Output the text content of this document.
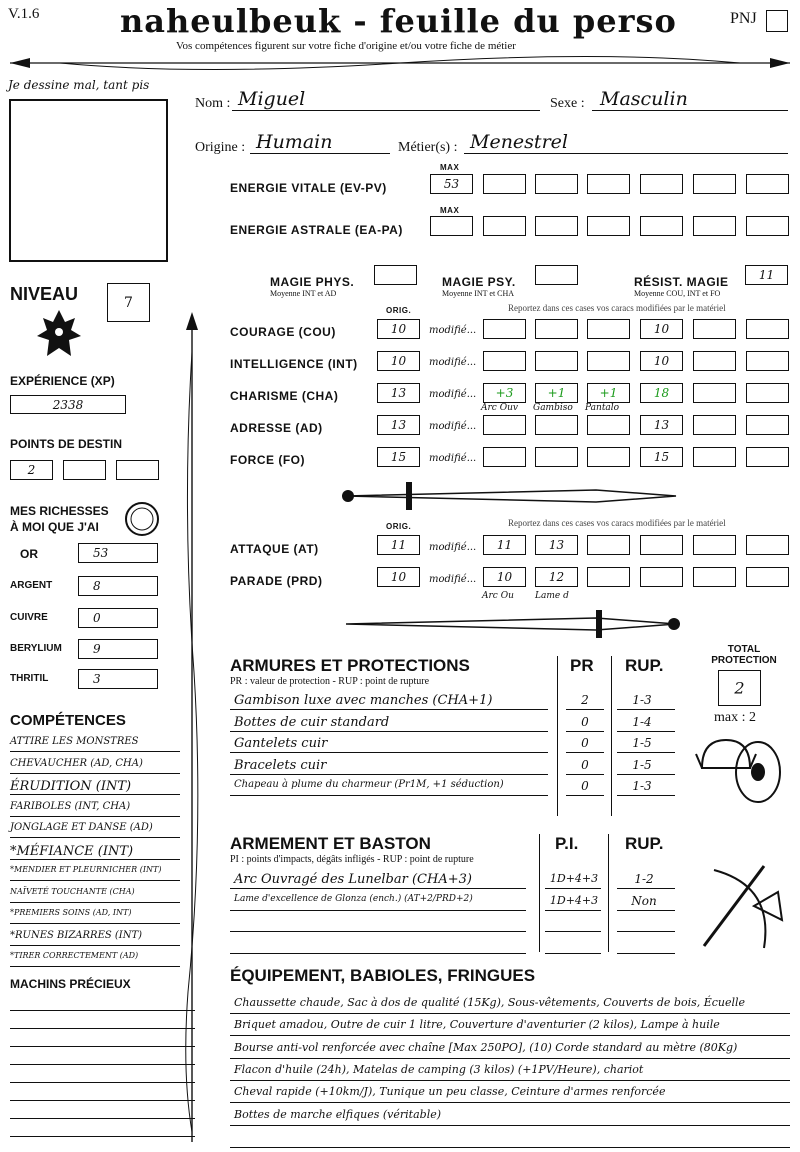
V.1.6	naheulbeuk - feuille du perso
Vos compétences figurent sur votre fiche d'origine et/ou votre fiche de métier
PNJ
Je dessine mal, tant pis
Nom : Miguel	Sexe : Masculin
Origine : Humain	Métier(s) : Menestrel
MAX
ENERGIE VITALE (EV-PV)	53
MAX
ENERGIE ASTRALE (EA-PA)
MAGIE PHYS.
Moyenne INT et AD
MAGIE PSY.
Moyenne INT et CHA
RÉSIST. MAGIE
Moyenne COU, INT et FO
11
NIVEAU	7
EXPÉRIENCE (XP)
2338
POINTS DE DESTIN
2
MES RICHESSES
À MOI QUE J'AI
OR	53
ARGENT	8
CUIVRE	0
BERYLIUM	9
THRITIL	3
COMPÉTENCES
ATTIRE LES MONSTRES
CHEVAUCHER (AD, CHA)
ÉRUDITION (INT)
FARIBOLES (INT, CHA)
JONGLAGE ET DANSE (AD)
*MÉFIANCE (INT)
*MENDIER ET PLEURNICHER (INT)
NAÏVETÉ TOUCHANTE (CHA)
*PREMIERS SOINS (AD, INT)
*RUNES BIZARRES (INT)
*TIRER CORRECTEMENT (AD)
MACHINS PRÉCIEUX
ORIG.	Reportez dans ces cases vos caracs modifiées par le matériel
COURAGE (COU)	10	modifié...	10
INTELLIGENCE (INT)	10	modifié...	10
CHARISME (CHA)	13	modifié...	+3	+1	+1	18
Arc Ouv Gambiso Pantalo
ADRESSE (AD)	13	modifié...	13
FORCE (FO)	15	modifié...	15
ORIG.	Reportez dans ces cases vos caracs modifiées par le matériel
ATTAQUE (AT)	11	modifié...	11	13
PARADE (PRD)	10	modifié...	10	12
Arc Ou Lame d
ARMURES ET PROTECTIONS
PR : valeur de protection - RUP : point de rupture
PR RUP.
Gambison luxe avec manches (CHA+1)	2	1-3
Bottes de cuir standard	0	1-4
Gantelets cuir	0	1-5
Bracelets cuir	0	1-5
Chapeau à plume du charmeur (Pr1M, +1 séduction)	0	1-3
TOTAL PROTECTION
2
max : 2
ARMEMENT ET BASTON
PI : points d'impacts, dégâts infligés - RUP : point de rupture
P.I.	RUP.
Arc Ouvragé des Lunelbar (CHA+3)	1D+4+3	1-2
Lame d'excellence de Glonza (ench.) (AT+2/PRD+2)	1D+4+3	Non
ÉQUIPEMENT, BABIOLES, FRINGUES
Chaussette chaude, Sac à dos de qualité (15Kg), Sous-vêtements, Couverts de bois, Écuelle
Briquet amadou, Outre de cuir 1 litre, Couverture d'aventurier (2 kilos), Lampe à huile
Bourse anti-vol renforcée avec chaîne [Max 250PO], (10) Corde standard au mètre (80Kg)
Flacon d'huile (24h), Matelas de camping (3 kilos) (+1PV/Heure), chariot
Cheval rapide (+10km/J), Tunique un peu classe, Ceinture d'armes renforcée
Bottes de marche elfiques (véritable)
